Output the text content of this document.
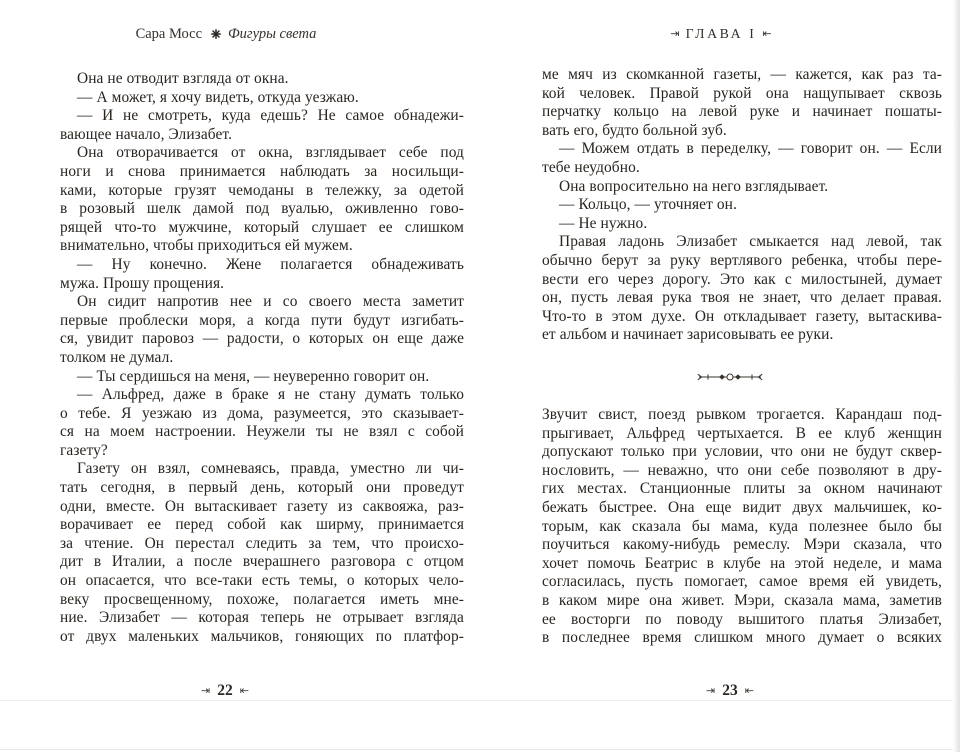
Сара Мосс Фигуры света
Она не отводит взгляда от окна.
— А может, я хочу видеть, откуда уезжаю.
— И не смотреть, куда едешь? Не самое обнадежи-
вающее начало, Элизабет.
Она отворачивается от окна, взглядывает себе под
ноги и снова принимается наблюдать за носильщи-
ками, которые грузят чемоданы в тележку, за одетой
в розовый шелк дамой под вуалью, оживленно гово-
рящей что-то мужчине, который слушает ее слишком
внимательно, чтобы приходиться ей мужем.
— Ну конечно. Жене полагается обнадеживать
мужа. Прошу прощения.
Он сидит напротив нее и со своего места заметит
первые проблески моря, а когда пути будут изгибать-
ся, увидит паровоз — радости, о которых он еще даже
толком не думал.
— Ты сердишься на меня, — неуверенно говорит он.
— Альфред, даже в браке я не стану думать только
о тебе. Я уезжаю из дома, разумеется, это сказывает-
ся на моем настроении. Неужели ты не взял с собой
газету?
Газету он взял, сомневаясь, правда, уместно ли чи-
тать сегодня, в первый день, который они проведут
одни, вместе. Он вытаскивает газету из саквояжа, раз-
ворачивает ее перед собой как ширму, принимается
за чтение. Он перестал следить за тем, что происхо-
дит в Италии, а после вчерашнего разговора с отцом
он опасается, что все-таки есть темы, о которых чело-
веку просвещенному, похоже, полагается иметь мне-
ние. Элизабет — которая теперь не отрывает взгляда
от двух маленьких мальчиков, гоняющих по платфор-
⇥ 22 ⇤
⇥ ГЛАВА I ⇤
ме мяч из скомканной газеты, — кажется, как раз та-
кой человек. Правой рукой она нащупывает сквозь
перчатку кольцо на левой руке и начинает пошаты-
вать его, будто больной зуб.
— Можем отдать в переделку, — говорит он. — Если
тебе неудобно.
Она вопросительно на него взглядывает.
— Кольцо, — уточняет он.
— Не нужно.
Правая ладонь Элизабет смыкается над левой, так
обычно берут за руку вертлявого ребенка, чтобы пере-
вести его через дорогу. Это как с милостыней, думает
он, пусть левая рука твоя не знает, что делает правая.
Что-то в этом духе. Он откладывает газету, вытаскива-
ет альбом и начинает зарисовывать ее руки.
Звучит свист, поезд рывком трогается. Карандаш под-
прыгивает, Альфред чертыхается. В ее клуб женщин
допускают только при условии, что они не будут сквер-
нословить, — неважно, что они себе позволяют в дру-
гих местах. Станционные плиты за окном начинают
бежать быстрее. Она еще видит двух мальчишек, ко-
торым, как сказала бы мама, куда полезнее было бы
поучиться какому-нибудь ремеслу. Мэри сказала, что
хочет помочь Беатрис в клубе на этой неделе, и мама
согласилась, пусть помогает, самое время ей увидеть,
в каком мире она живет. Мэри, сказала мама, заметив
ее восторги по поводу вышитого платья Элизабет,
в последнее время слишком много думает о всяких
⇥ 23 ⇤
